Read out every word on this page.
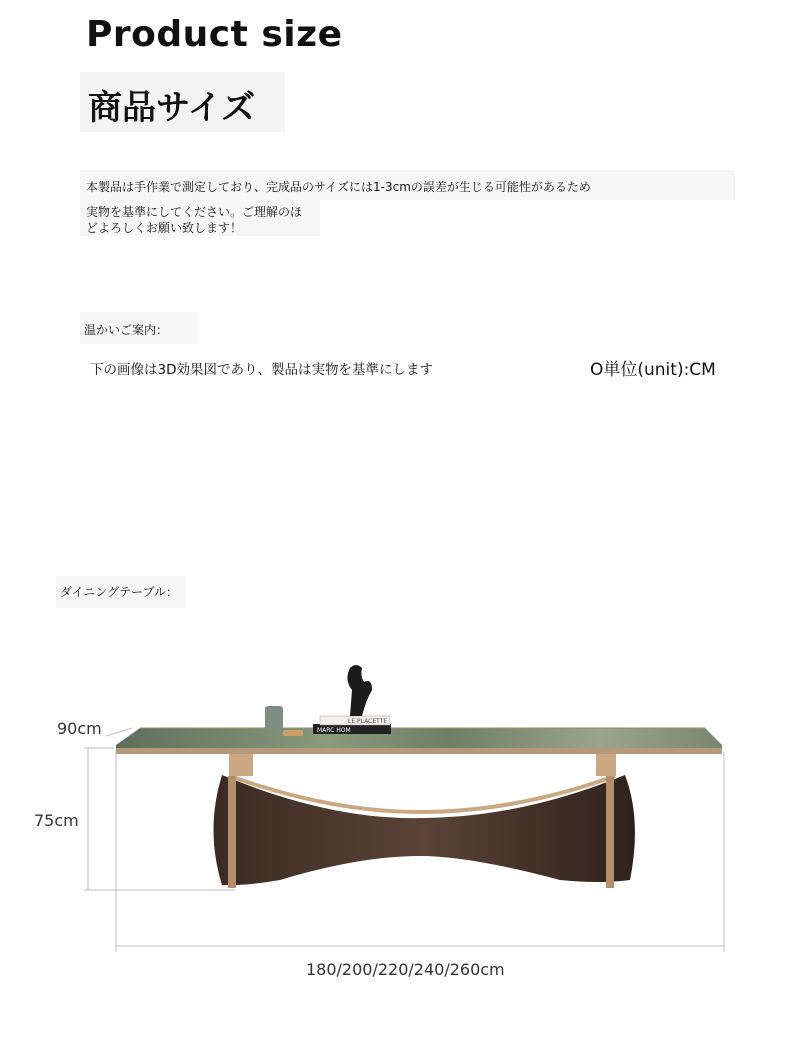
Product size
商品サイズ
本製品は手作業で測定しており、完成品のサイズには1-3cmの誤差が生じる可能性があるため
実物を基準にしてください。ご理解のほ
どよろしくお願い致します！
温かいご案内：
下の画像は3D効果図であり、製品は実物を基準にします	O単位(unit):CM
ダイニングテーブル：
LE PLACETTE
MARC HOM
90cm
75cm
180/200/220/240/260cm
